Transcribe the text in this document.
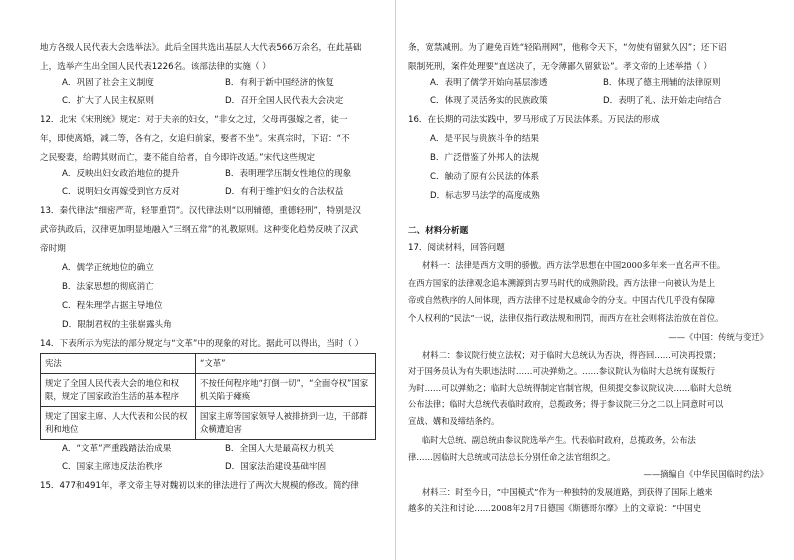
地方各级人民代表大会选举法》。此后全国共选出基层人大代表566万余名，在此基础

上，选举产生出全国人民代表1226名。该部法律的实施（ ）

A．巩固了社会主义制度	B．有利于新中国经济的恢复
C．扩大了人民主权原则	D．召开全国人民代表大会决定

12．北宋《宋刑统》规定：对于夫亲的妇女，“非女之过，父母再强嫁之者，徒一

年，即使离婚，减二等，各有之，女追归前家，娶者不坐”。宋真宗时，下诏：“不

之民娶妻，给聘其财而亡，妻不能自给者，自今即许改适。”宋代这些规定

A．反映出妇女政治地位的提升	B．表明理学压制女性地位的现象
C．说明妇女再嫁受到官方反对	D．有利于维护妇女的合法权益

13．秦代律法“细密严苛，轻罪重罚”。汉代律法则“以刑辅德，重德轻刑”，特别是汉

武帝执政后，汉律更加明显地融入“三纲五常”的礼教原则。这种变化趋势反映了汉武

帝时期

A．儒学正统地位的确立

B．法家思想的彻底消亡

C．程朱理学占据主导地位

D．限制君权的主张崭露头角

14．下表所示为宪法的部分规定与“文革”中的现象的对比。据此可以得出，当时（ ）

宪法	“文革”
规定了全国人民代表大会的地位和权限，规定了国家政治生活的基本程序	不按任何程序地“打倒一切”，“全面夺权”国家机关陷于瘫痪
规定了国家主席、人大代表和公民的权利和地位	国家主席等国家领导人被排挤到一边，干部群众横遭迫害
A．“文革”严重践踏法治成果	B．全国人大是最高权力机关
C．国家主席违反法治秩序	D．国家法治建设基础牢固

15．477和491年，孝文帝主导对魏初以来的律法进行了两次大规模的修改。简约律

条，宽禁减刑。为了避免百姓“轻陷刑网”，他称令天下，“勿使有留狱久囚”；还下诏

限制死刑，案件处理要“直送决了，无令薄鄙久留狱讼”。孝文帝的上述举措（ ）

A．表明了儒学开始向基层渗透	B．体现了德主刑辅的法律原则
C．体现了灵活务实的民族政策	D．表明了礼、法开始走向结合

16．在长期的司法实践中，罗马形成了万民法体系。万民法的形成

A．是平民与贵族斗争的结果

B．广泛借鉴了外邦人的法规

C．触动了原有公民法的体系

D．标志罗马法学的高度成熟

二、材料分析题

17．阅读材料，回答问题

材料一：法律是西方文明的骄傲。西方法学思想在中国2000多年来一直名声不佳。

在西方国家的法律观念追本溯源到古罗马时代的成熟阶段。西方法律一向被认为是上

帝或自然秩序的人间体现，西方法律不过是权威命令的分支。中国古代几乎没有保障

个人权利的“民法”一说，法律仅指行政法规和刑罚，而西方在社会则将法治放在首位。

——《中国：传统与变迁》

材料二：参议院行使立法权；对于临时大总统认为否决，得咨回……可决再投票；

对于国务员认为有失职违法时……可决弹劾之。……参议院认为临时大总统有谋叛行

为时……可以弹劾之；临时大总统得制定官制官规，但须提交参议院议决……临时大总统

公布法律；临时大总统代表临时政府，总揽政务；得于参议院三分之二以上同意时可以

宣战、媾和及缔结条约。

临时大总统、副总统由参议院选举产生。代表临时政府，总揽政务，公布法

律……因临时大总统或司法总长分别任命之法官组织之。

——摘编自《中华民国临时约法》

材料三：时至今日，“中国模式”作为一种独特的发展道路，到获得了国际上越来

越多的关注和讨论……2008年2月7日德国《斯德哥尔摩》上的文章说：“中国史
